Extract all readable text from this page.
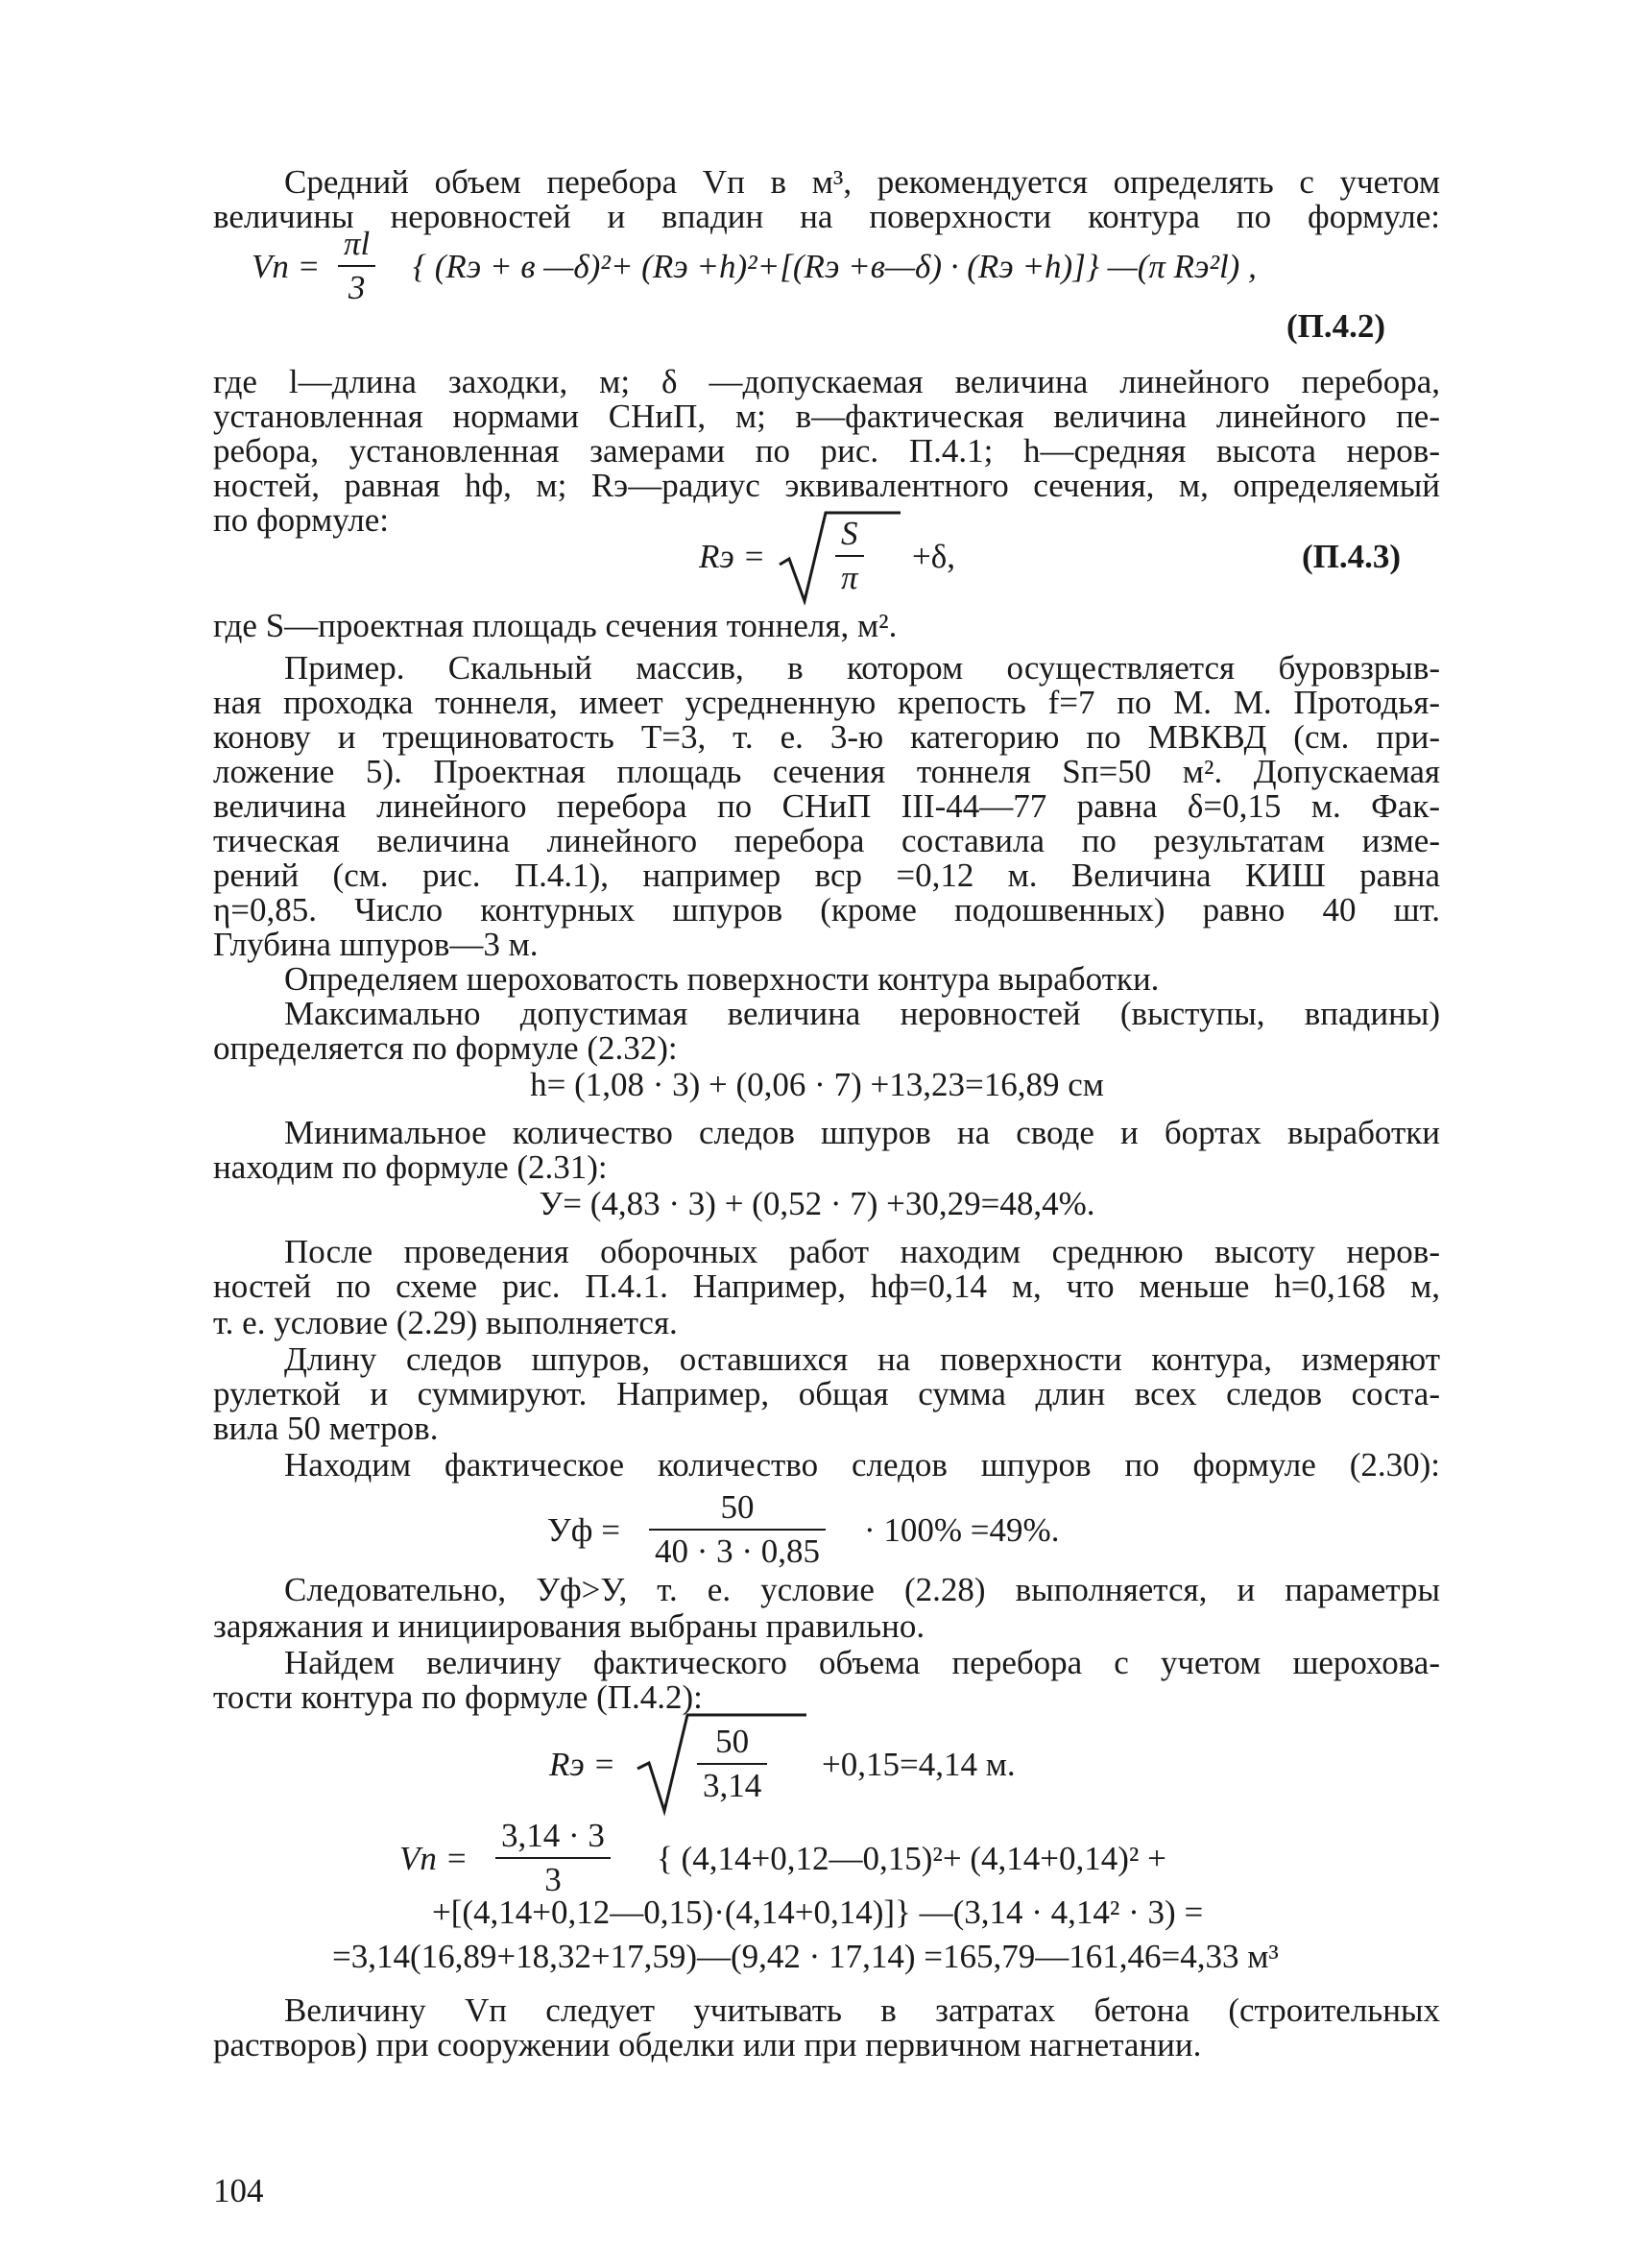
Средний объем перебора Vп в м³, рекомендуется определять с учетом
величины неровностей и впадин на поверхности контура по формуле:
Vп = $\frac{\pi l}{3}$ { (Rэ + в —δ)²+ (Rэ +h)²+[(Rэ +в—δ) · (Rэ +h)]} —(π Rэ²l) ,
(П.4.2)
где l—длина заходки, м; δ —допускаемая величина линейного перебора,
установленная нормами СНиП, м; в—фактическая величина линейного пе-
ребора, установленная замерами по рис. П.4.1; h—средняя высота неров-
ностей, равная hф, м; Rэ—радиус эквивалентного сечения, м, определяемый
по формуле:
Rэ = $\frac{S}{\pi} +\delta$,	(П.4.3)
где S—проектная площадь сечения тоннеля, м².
Пример. Скальный массив, в котором осуществляется буровзрыв-
ная проходка тоннеля, имеет усредненную крепость f=7 по М. М. Протодья-
конову и трещиноватость Т=3, т. е. 3-ю категорию по МВКВД (см. при-
ложение 5). Проектная площадь сечения тоннеля Sп=50 м². Допускаемая
величина линейного перебора по СНиП III-44—77 равна δ=0,15 м. Фак-
тическая величина линейного перебора составила по результатам изме-
рений (см. рис. П.4.1), например вср =0,12 м. Величина КИШ равна
η=0,85. Число контурных шпуров (кроме подошвенных) равно 40 шт.
Глубина шпуров—3 м.
Определяем шероховатость поверхности контура выработки.
Максимально допустимая величина неровностей (выступы, впадины)
определяется по формуле (2.32):
h= (1,08 · 3) + (0,06 · 7) +13,23=16,89 см
Минимальное количество следов шпуров на своде и бортах выработки
находим по формуле (2.31):
У= (4,83 · 3) + (0,52 · 7) +30,29=48,4%.
После проведения оборочных работ находим среднюю высоту неров-
ностей по схеме рис. П.4.1. Например, hф=0,14 м, что меньше h=0,168 м,
т. е. условие (2.29) выполняется.
Длину следов шпуров, оставшихся на поверхности контура, измеряют
рулеткой и суммируют. Например, общая сумма длин всех следов соста-
вила 50 метров.
Находим фактическое количество следов шпуров по формуле (2.30):
Уф = $\frac{50}{40 \cdot 3 \cdot 0,85} \cdot 100\% =49\%$.
Следовательно, Уф>У, т. е. условие (2.28) выполняется, и параметры
заряжания и инициирования выбраны правильно.
Найдем величину фактического объема перебора с учетом шерохова-
тости контура по формуле (П.4.2):
Rэ = $\frac{50}{3,14} +0,15=4,14$ м.
Vп = $\frac{3,14 \cdot 3}{3}$ { (4,14+0,12—0,15)²+ (4,14+0,14)² +
+[(4,14+0,12—0,15)·(4,14+0,14)]} —(3,14 · 4,14² · 3) =
=3,14(16,89+18,32+17,59)—(9,42 · 17,14) =165,79—161,46=4,33 м³
Величину Vп следует учитывать в затратах бетона (строительных
растворов) при сооружении обделки или при первичном нагнетании.
104
